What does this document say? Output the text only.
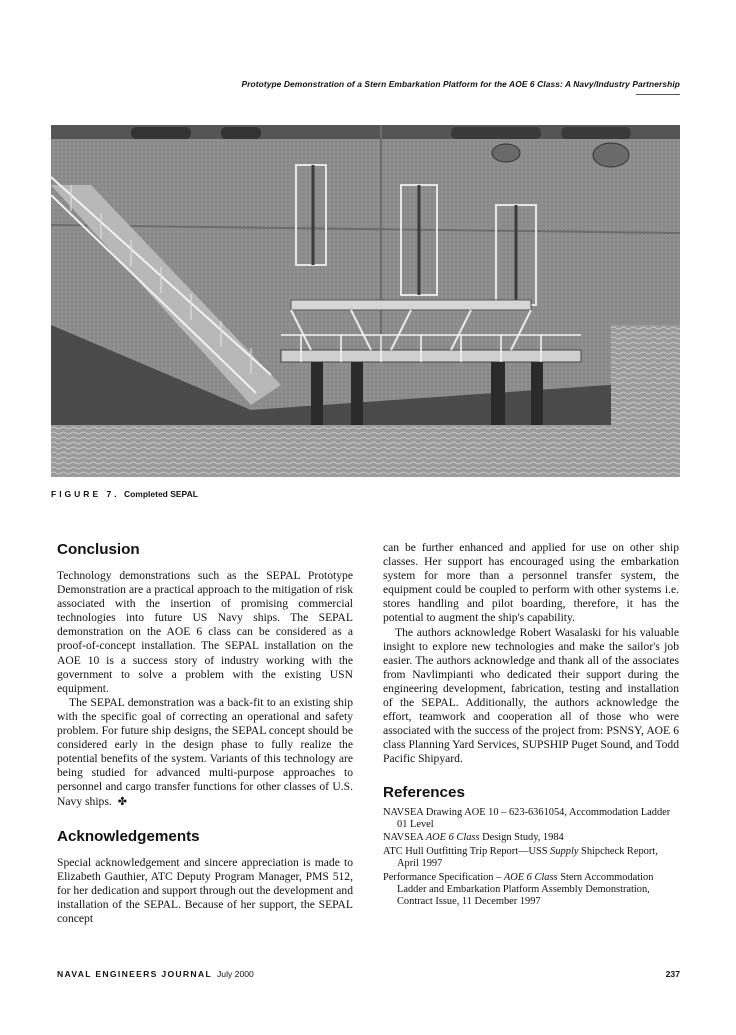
Prototype Demonstration of a Stern Embarkation Platform for the AOE 6 Class: A Navy/Industry Partnership
FIGURE 7. Completed SEPAL
Conclusion

Technology demonstrations such as the SEPAL Prototype Demonstration are a practical approach to the mitigation of risk associated with the insertion of promising commercial technologies into future US Navy ships. The SEPAL demonstration on the AOE 6 class can be considered as a proof-of-concept installation. The SEPAL installation on the AOE 10 is a success story of industry working with the government to solve a problem with the existing USN equipment.

The SEPAL demonstration was a back-fit to an existing ship with the specific goal of correcting an operational and safety problem. For future ship designs, the SEPAL concept should be considered early in the design phase to fully realize the potential benefits of the system. Variants of this technology are being studied for advanced multi-purpose approaches to personnel and cargo transfer functions for other classes of U.S. Navy ships. ✤

Acknowledgements

Special acknowledgement and sincere appreciation is made to Elizabeth Gauthier, ATC Deputy Program Manager, PMS 512, for her dedication and support through out the development and installation of the SEPAL. Because of her support, the SEPAL concept

can be further enhanced and applied for use on other ship classes. Her support has encouraged using the embarkation system for more than a personnel transfer system, the equipment could be coupled to perform with other systems i.e. stores handling and pilot boarding, therefore, it has the potential to augment the ship's capability.

The authors acknowledge Robert Wasalaski for his valuable insight to explore new technologies and make the sailor's job easier. The authors acknowledge and thank all of the associates from Navlimpianti who dedicated their support during the engineering development, fabrication, testing and installation of the SEPAL. Additionally, the authors acknowledge the effort, teamwork and cooperation all of those who were associated with the success of the project from: PSNSY, AOE 6 class Planning Yard Services, SUPSHIP Puget Sound, and Todd Pacific Shipyard.

References
NAVSEA Drawing AOE 10 – 623-6361054, Accommodation Ladder 01 Level
NAVSEA AOE 6 Class Design Study, 1984
ATC Hull Outfitting Trip Report—USS Supply Shipcheck Report, April 1997
Performance Specification – AOE 6 Class Stern Accommodation Ladder and Embarkation Platform Assembly Demonstration, Contract Issue, 11 December 1997
NAVAL ENGINEERS JOURNAL July 2000	237
